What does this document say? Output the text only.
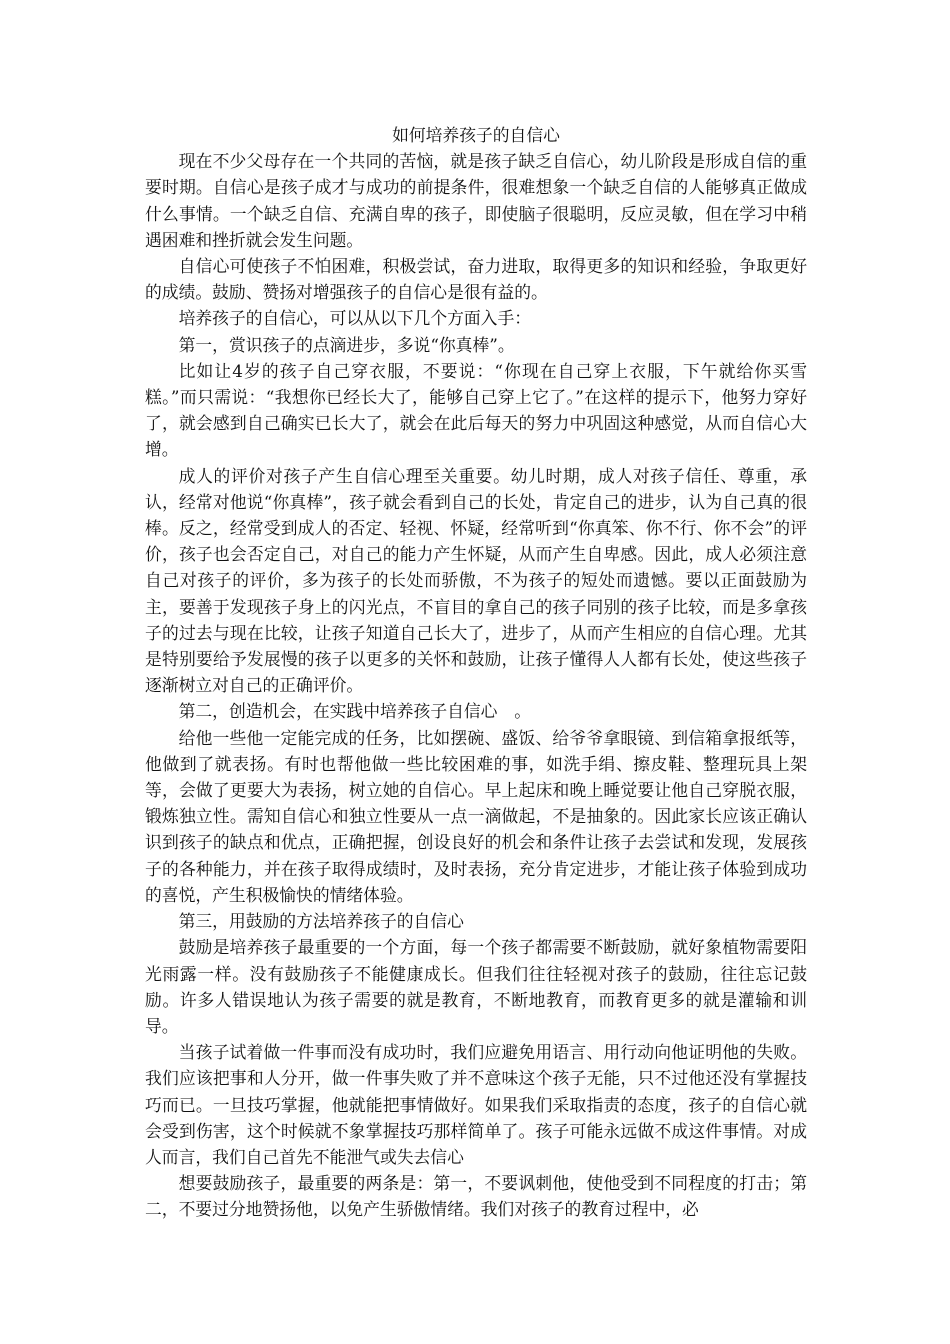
如何培养孩子的自信心

现在不少父母存在一个共同的苦恼，就是孩子缺乏自信心，幼儿阶段是形成自信的重要时期。自信心是孩子成才与成功的前提条件，很难想象一个缺乏自信的人能够真正做成什么事情。一个缺乏自信、充满自卑的孩子，即使脑子很聪明，反应灵敏，但在学习中稍遇困难和挫折就会发生问题。

自信心可使孩子不怕困难，积极尝试，奋力进取，取得更多的知识和经验，争取更好的成绩。鼓励、赞扬对增强孩子的自信心是很有益的。

培养孩子的自信心，可以从以下几个方面入手：

第一，赏识孩子的点滴进步，多说“你真棒”。

比如让4岁的孩子自己穿衣服，不要说：“你现在自己穿上衣服，下午就给你买雪糕。”而只需说：“我想你已经长大了，能够自己穿上它了。”在这样的提示下，他努力穿好了，就会感到自己确实已长大了，就会在此后每天的努力中巩固这种感觉，从而自信心大增。

成人的评价对孩子产生自信心理至关重要。幼儿时期，成人对孩子信任、尊重，承认，经常对他说“你真棒”，孩子就会看到自己的长处，肯定自己的进步，认为自己真的很棒。反之，经常受到成人的否定、轻视、怀疑，经常听到“你真笨、你不行、你不会”的评价，孩子也会否定自己，对自己的能力产生怀疑，从而产生自卑感。因此，成人必须注意自己对孩子的评价，多为孩子的长处而骄傲，不为孩子的短处而遗憾。要以正面鼓励为主，要善于发现孩子身上的闪光点，不盲目的拿自己的孩子同别的孩子比较，而是多拿孩子的过去与现在比较，让孩子知道自己长大了，进步了，从而产生相应的自信心理。尤其是特别要给予发展慢的孩子以更多的关怀和鼓励，让孩子懂得人人都有长处，使这些孩子逐渐树立对自己的正确评价。

第二，创造机会，在实践中培养孩子自信心　。

给他一些他一定能完成的任务，比如摆碗、盛饭、给爷爷拿眼镜、到信箱拿报纸等，他做到了就表扬。有时也帮他做一些比较困难的事，如洗手绢、擦皮鞋、整理玩具上架等，会做了更要大为表扬，树立她的自信心。早上起床和晚上睡觉要让他自己穿脱衣服，锻炼独立性。需知自信心和独立性要从一点一滴做起，不是抽象的。因此家长应该正确认识到孩子的缺点和优点，正确把握，创设良好的机会和条件让孩子去尝试和发现，发展孩子的各种能力，并在孩子取得成绩时，及时表扬，充分肯定进步，才能让孩子体验到成功的喜悦，产生积极愉快的情绪体验。

第三，用鼓励的方法培养孩子的自信心

鼓励是培养孩子最重要的一个方面，每一个孩子都需要不断鼓励，就好象植物需要阳光雨露一样。没有鼓励孩子不能健康成长。但我们往往轻视对孩子的鼓励，往往忘记鼓励。许多人错误地认为孩子需要的就是教育，不断地教育，而教育更多的就是灌输和训导。

当孩子试着做一件事而没有成功时，我们应避免用语言、用行动向他证明他的失败。我们应该把事和人分开，做一件事失败了并不意味这个孩子无能，只不过他还没有掌握技巧而已。一旦技巧掌握，他就能把事情做好。如果我们采取指责的态度，孩子的自信心就会受到伤害，这个时候就不象掌握技巧那样简单了。孩子可能永远做不成这件事情。对成人而言，我们自己首先不能泄气或失去信心

想要鼓励孩子，最重要的两条是：第一，不要讽刺他，使他受到不同程度的打击；第二，不要过分地赞扬他，以免产生骄傲情绪。我们对孩子的教育过程中，必
